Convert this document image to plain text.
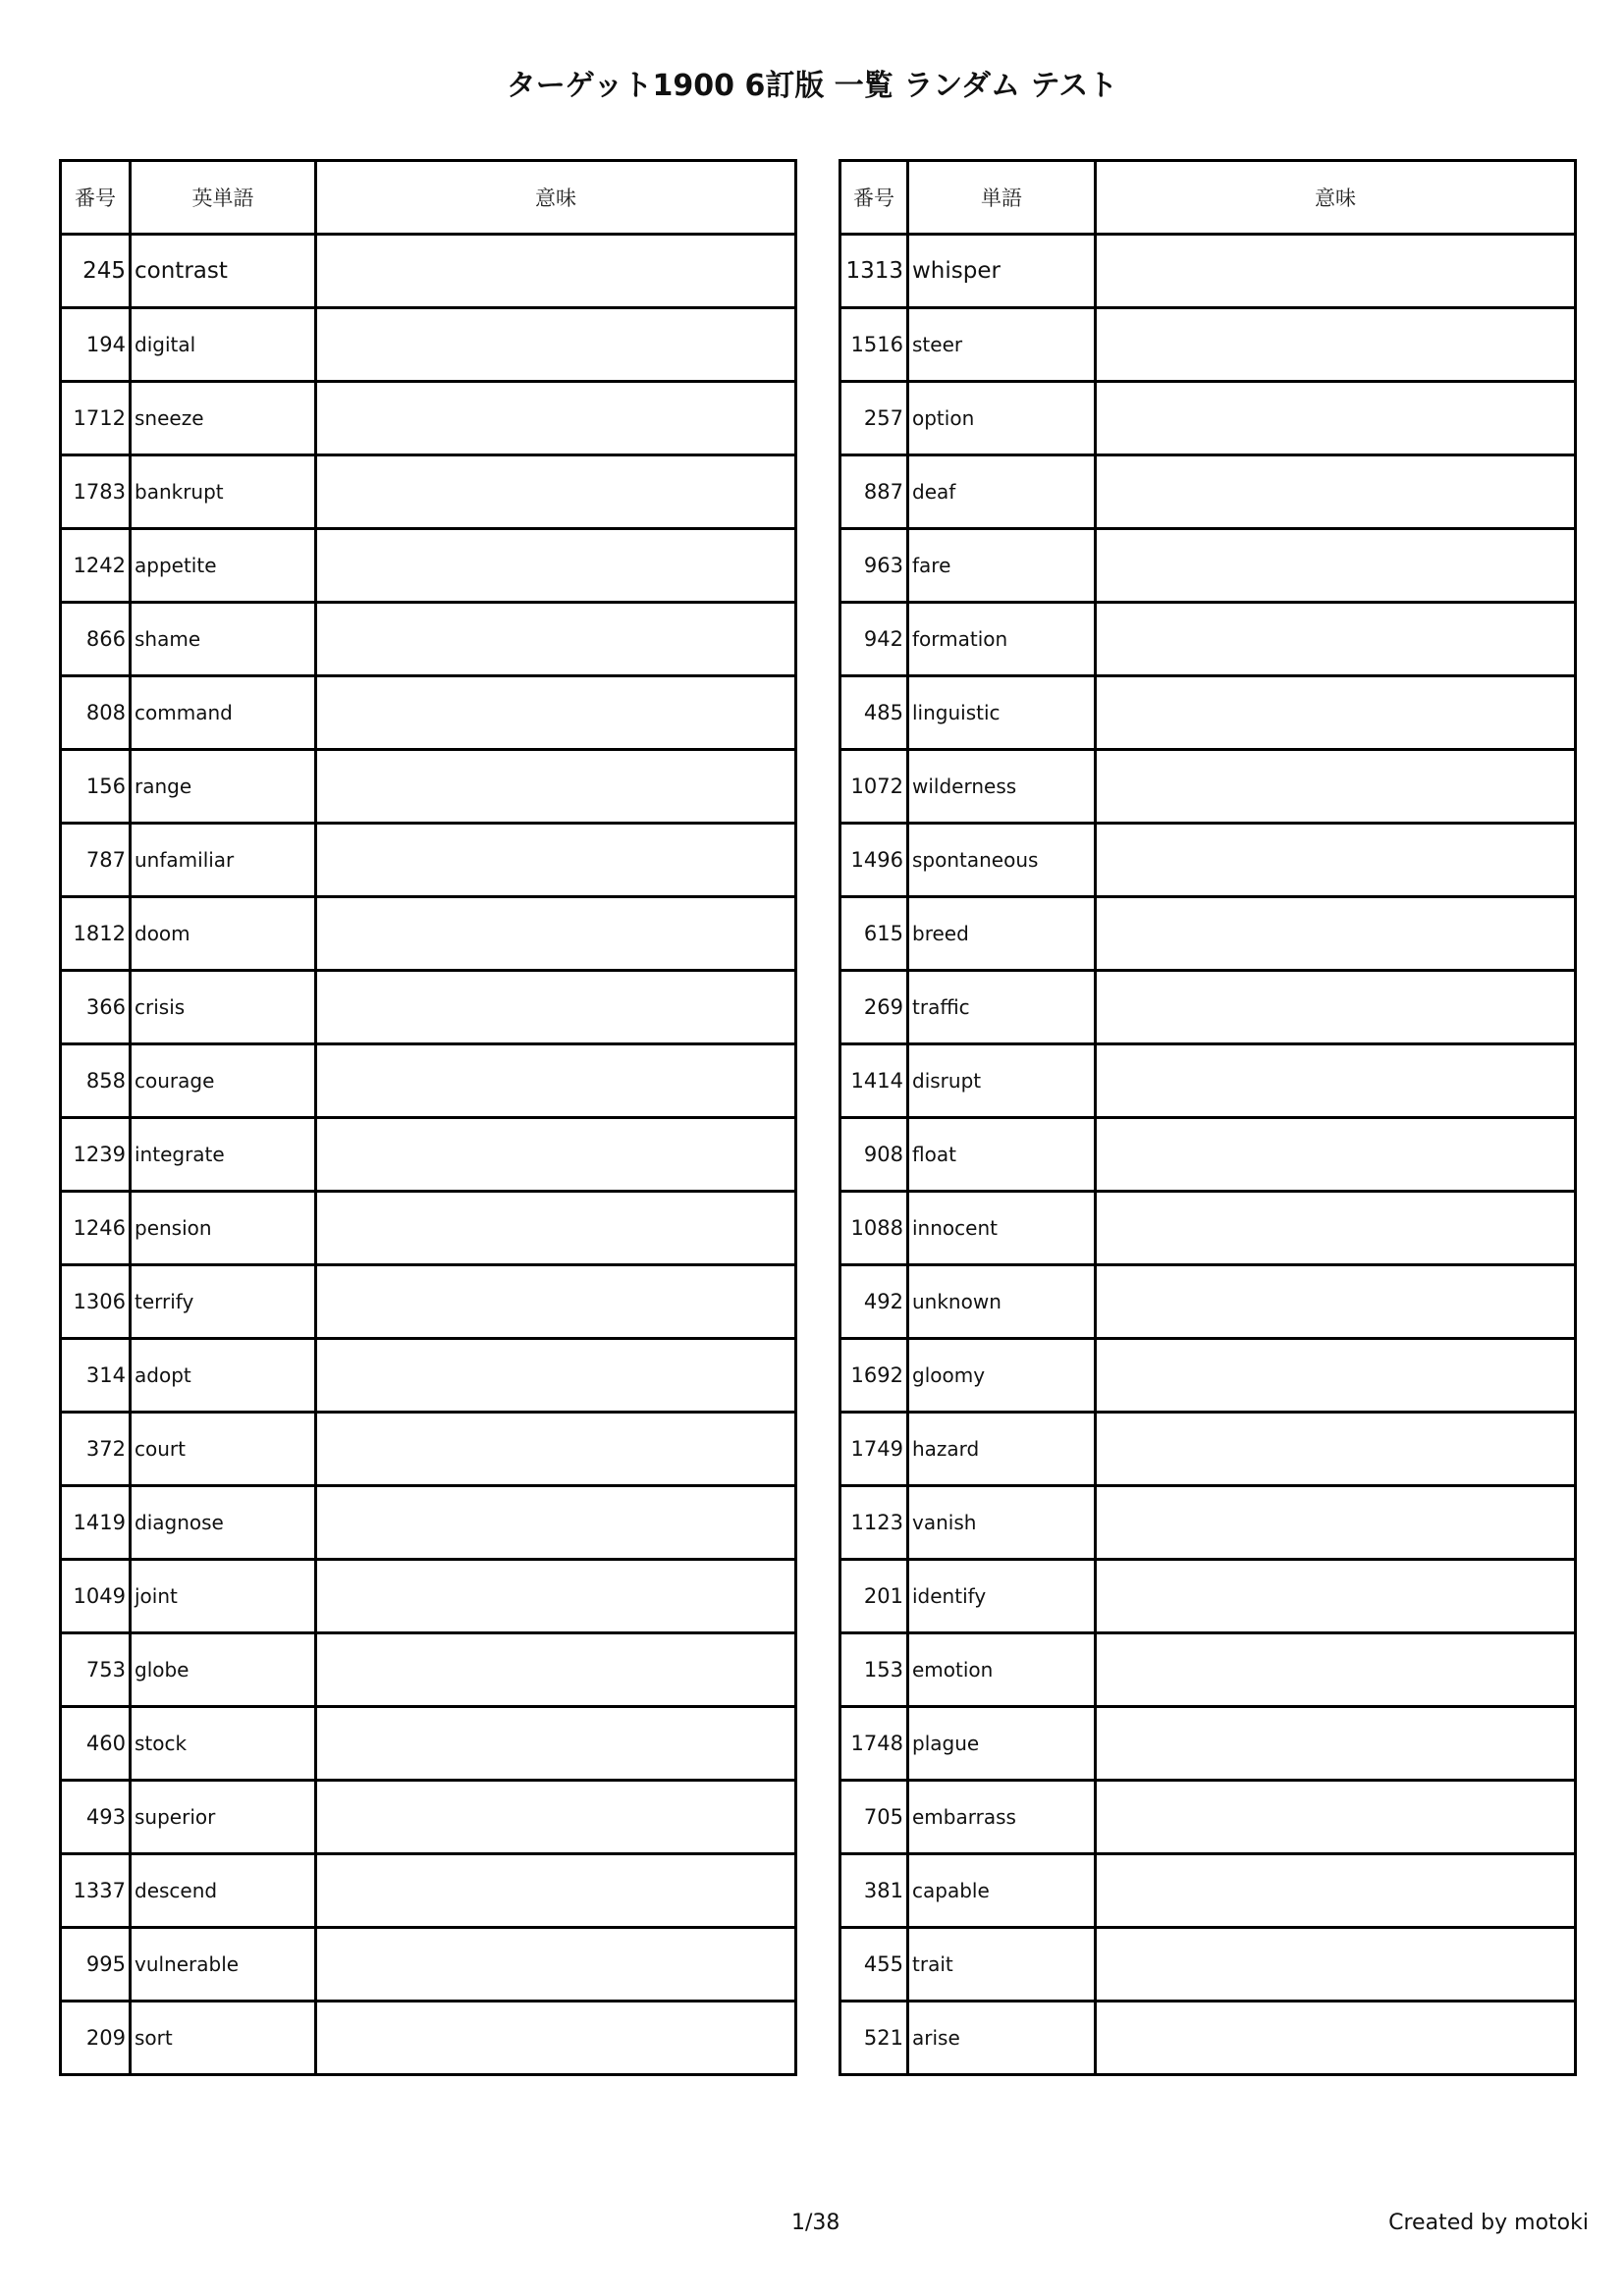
ターゲット1900 6訂版 一覧 ランダム テスト
番号	英単語	意味
245	contrast	
194	digital	
1712	sneeze	
1783	bankrupt	
1242	appetite	
866	shame	
808	command	
156	range	
787	unfamiliar	
1812	doom	
366	crisis	
858	courage	
1239	integrate	
1246	pension	
1306	terrify	
314	adopt	
372	court	
1419	diagnose	
1049	joint	
753	globe	
460	stock	
493	superior	
1337	descend	
995	vulnerable	
209	sort	
番号	単語	意味
1313	whisper	
1516	steer	
257	option	
887	deaf	
963	fare	
942	formation	
485	linguistic	
1072	wilderness	
1496	spontaneous	
615	breed	
269	traffic	
1414	disrupt	
908	float	
1088	innocent	
492	unknown	
1692	gloomy	
1749	hazard	
1123	vanish	
201	identify	
153	emotion	
1748	plague	
705	embarrass	
381	capable	
455	trait	
521	arise	
1/38	Created by motoki
